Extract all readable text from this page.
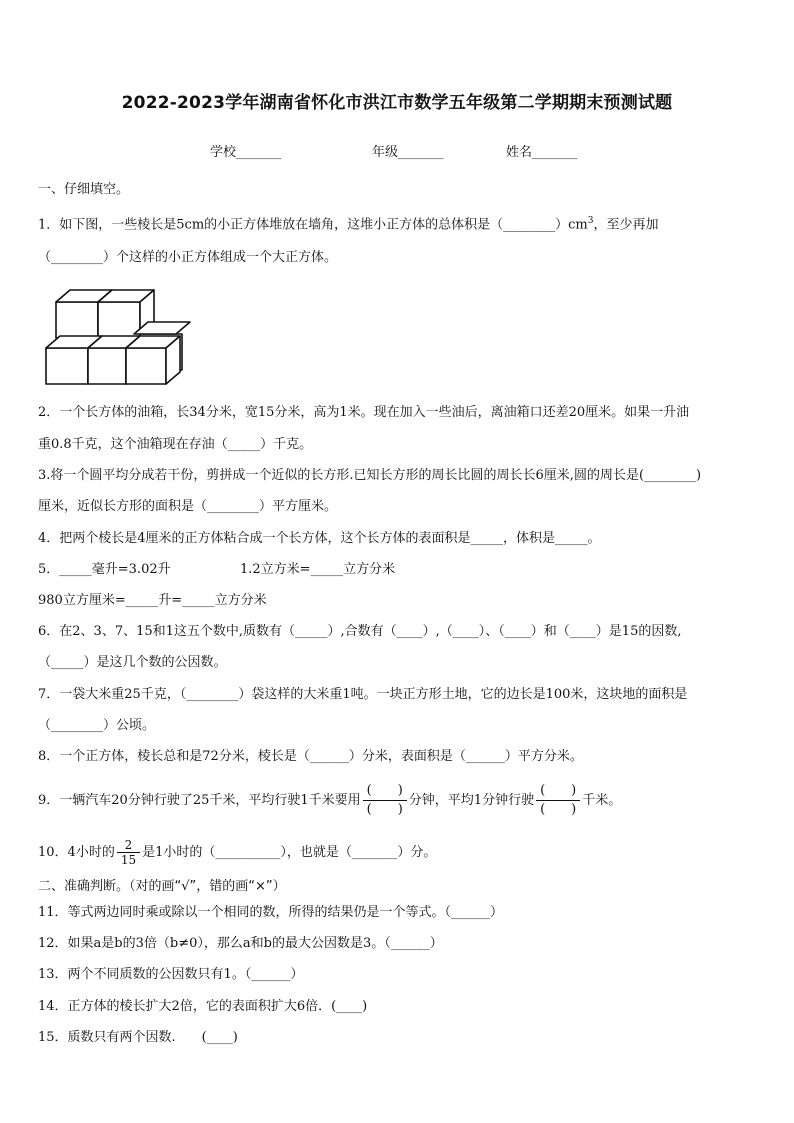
2022-2023学年湖南省怀化市洪江市数学五年级第二学期期末预测试题
学校_______	年级_______	姓名_______
一、仔细填空。
1．如下图，一些棱长是5cm的小正方体堆放在墙角，这堆小正方体的总体积是$(\_\_\_\_\_\_\_\_)cm^3$，至少再加
（________）个这样的小正方体组成一个大正方体。
2．一个长方体的油箱，长34分米，宽15分米，高为1米。现在加入一些油后，离油箱口还差20厘米。如果一升油
重0.8千克，这个油箱现在存油（_____）千克。
3.将一个圆平均分成若干份，剪拼成一个近似的长方形.已知长方形的周长比圆的周长长6厘米,圆的周长是(________)
厘米，近似长方形的面积是（________）平方厘米。
4．把两个棱长是4厘米的正方体粘合成一个长方体，这个长方体的表面积是_____，体积是_____。
5．_____毫升=3.02升	1.2立方米=_____立方分米
980立方厘米=_____升=_____立方分米
6．在2、3、7、15和1这五个数中,质数有（_____）,合数有（____）,（____）、（____）和（____）是15的因数,
（_____）是这几个数的公因数。
7．一袋大米重25千克，（________）袋这样的大米重1吨。一块正方形土地，它的边长是100米，这块地的面积是
（________）公顷。
8．一个正方体，棱长总和是72分米，棱长是（______）分米，表面积是（______）平方分米。
9．一辆汽车20分钟行驶了25千米，平均行驶1千米要用 $\frac{( )}{( )}$ 分钟，平均1分钟行驶 $\frac{( )}{( )}$ 千米。
10．4小时的 $\frac{2}{15}$ 是1小时的（__________），也就是（_______）分。
二、准确判断。（对的画“√”，错的画“×”）
11．等式两边同时乘或除以一个相同的数，所得的结果仍是一个等式。（______）
12．如果a是b的3倍（b≠0），那么a和b的最大公因数是3。（______）
13．两个不同质数的公因数只有1。（______）
14．正方体的棱长扩大2倍，它的表面积扩大6倍．(____)
15．质数只有两个因数.　　(____)
